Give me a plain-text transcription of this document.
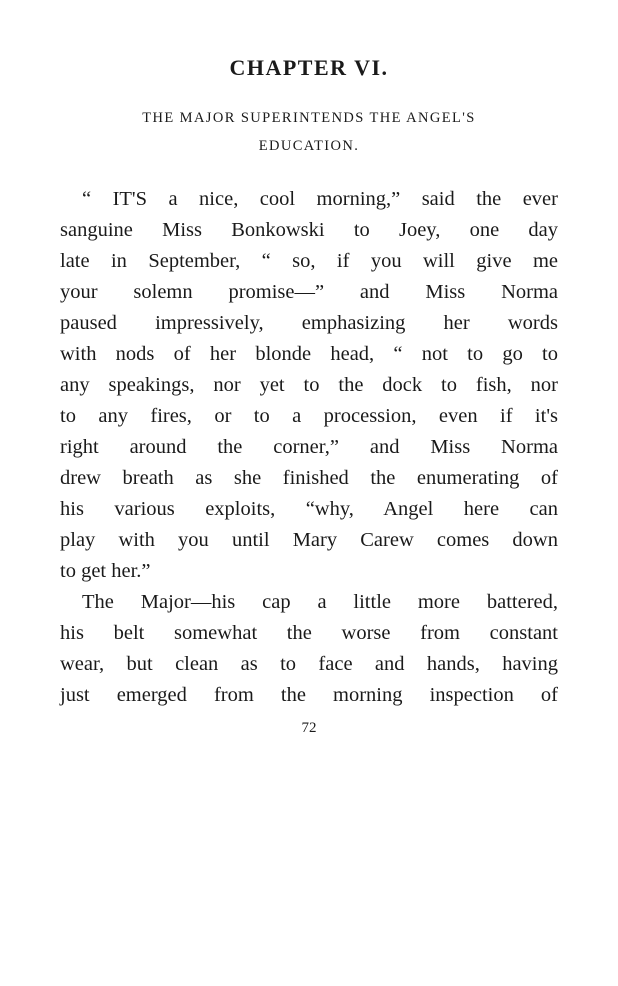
CHAPTER VI.
THE MAJOR SUPERINTENDS THE ANGEL'S
EDUCATION.

“ IT'S a nice, cool morning,” said the ever
sanguine Miss Bonkowski to Joey, one day
late in September, “ so, if you will give me
your solemn promise—” and Miss Norma
paused impressively, emphasizing her words
with nods of her blonde head, “ not to go to
any speakings, nor yet to the dock to fish, nor
to any fires, or to a procession, even if it's
right around the corner,” and Miss Norma
drew breath as she finished the enumerating of
his various exploits, “why, Angel here can
play with you until Mary Carew comes down
to get her.”

The Major—his cap a little more battered,
his belt somewhat the worse from constant
wear, but clean as to face and hands, having
just emerged from the morning inspection of

72
